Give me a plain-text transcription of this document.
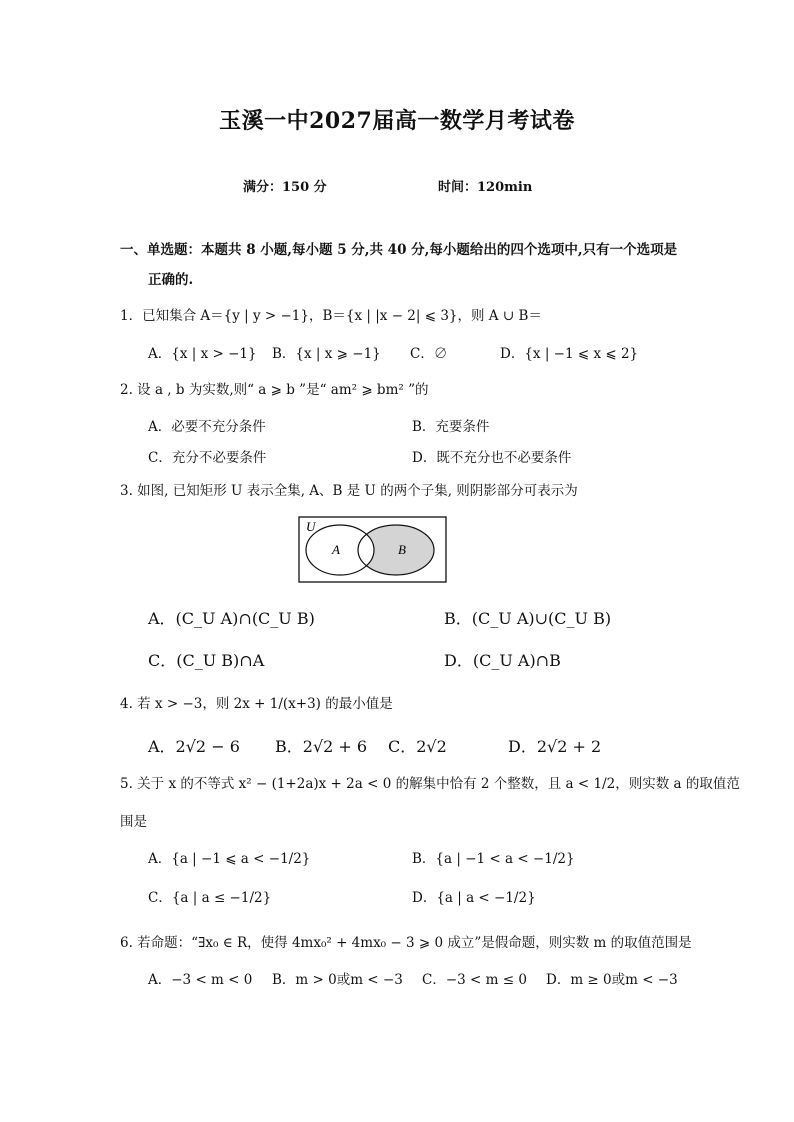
玉溪一中2027届高一数学月考试卷
满分：150 分	时间：120min
一、单选题：本题共 8 小题,每小题 5 分,共 40 分,每小题给出的四个选项中,只有一个选项是
正确的.
1．已知集合 A＝{y | y > −1}，B＝{x | |x − 2| ⩽ 3}，则 A ∪ B＝
A．{x | x > −1} B．{x | x ⩾ −1} C．∅	D．{x | −1 ⩽ x ⩽ 2}
2. 设 a , b 为实数,则“ a ⩾ b ”是“ am² ⩾ bm² ”的
A．必要不充分条件	B．充要条件
C．充分不必要条件	D．既不充分也不必要条件
3. 如图, 已知矩形 U 表示全集, A、B 是 U 的两个子集, 则阴影部分可表示为
U
A	B
A．(C_U A)∩(C_U B)	B．(C_U A)∪(C_U B)
C．(C_U B)∩A	D．(C_U A)∩B
4. 若 x > −3，则 2x + 1/(x+3) 的最小值是
A．2√2 − 6 B．2√2 + 6 C．2√2	D．2√2 + 2
5. 关于 x 的不等式 x² − (1+2a)x + 2a < 0 的解集中恰有 2 个整数，且 a < 1/2，则实数 a 的取值范
围是
A．{a | −1 ⩽ a < −1/2}	B．{a | −1 < a < −1/2}
C．{a | a ≤ −1/2}	D．{a | a < −1/2}
6. 若命题：“∃x₀ ∈ R，使得 4mx₀² + 4mx₀ − 3 ⩾ 0 成立”是假命题，则实数 m 的取值范围是
A．−3 < m < 0 B．m > 0或m < −3 C．−3 < m ≤ 0 D．m ≥ 0或m < −3
